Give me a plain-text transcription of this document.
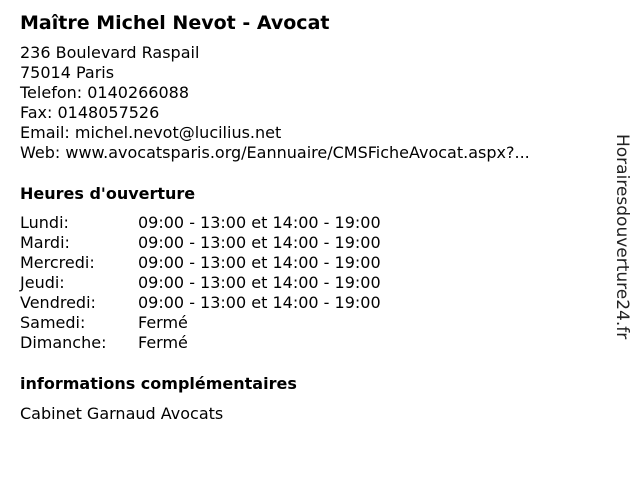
Maître Michel Nevot - Avocat
236 Boulevard Raspail
75014 Paris
Telefon: 0140266088
Fax: 0148057526
Email: michel.nevot@lucilius.net
Web: www.avocatsparis.org/Eannuaire/CMSFicheAvocat.aspx?...
Heures d'ouverture
Lundi:	09:00 - 13:00 et 14:00 - 19:00
Mardi:	09:00 - 13:00 et 14:00 - 19:00
Mercredi:	09:00 - 13:00 et 14:00 - 19:00
Jeudi:	09:00 - 13:00 et 14:00 - 19:00
Vendredi:	09:00 - 13:00 et 14:00 - 19:00
Samedi:	Fermé
Dimanche:	Fermé
informations complémentaires
Cabinet Garnaud Avocats
Horairesdouverture24.fr
